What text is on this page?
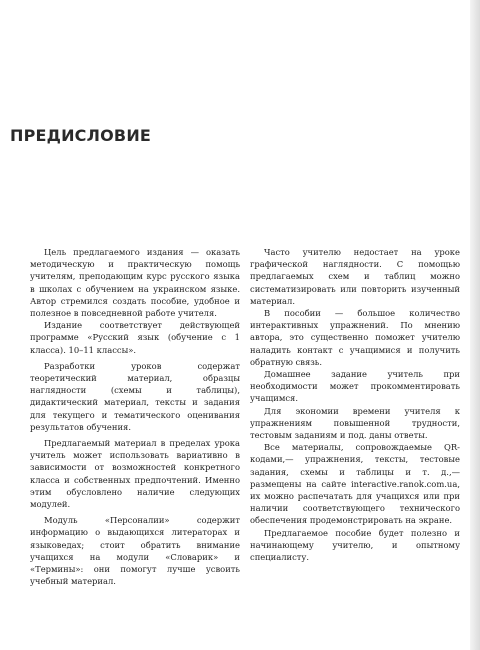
ПРЕДИСЛОВИЕ

Цель предлагаемого издания — оказать методическую и практическую помощь учителям, преподающим курс русского языка в школах с обучением на украинском языке. Автор стремился создать пособие, удобное и полезное в повседневной работе учителя.

Издание соответствует действующей программе «Русский язык (обучение с 1 класса). 10–11 классы».

Разработки уроков содержат теоретический материал, образцы наглядности (схемы и таблицы), дидактический материал, тексты и задания для текущего и тематического оценивания результатов обучения.

Предлагаемый материал в пределах урока учитель может использовать вариативно в зависимости от возможностей конкретного класса и собственных предпочтений. Именно этим обусловлено наличие следующих модулей.

Модуль «Персоналии» содержит информацию о выдающихся литераторах и языковедах; стоит обратить внимание учащихся на модули «Словарик» и «Термины»: они помогут лучше усвоить учебный материал.

Часто учителю недостает на уроке графической наглядности. С помощью предлагаемых схем и таблиц можно систематизировать или повторить изученный материал.

В пособии — большое количество интерактивных упражнений. По мнению автора, это существенно поможет учителю наладить контакт с учащимися и получить обратную связь.

Домашнее задание учитель при необходимости может прокомментировать учащимся.

Для экономии времени учителя к упражнениям повышенной трудности, тестовым заданиям и под. даны ответы.

Все материалы, сопровождаемые QR-кодами,— упражнения, тексты, тестовые задания, схемы и таблицы и т. д.,— размещены на сайте interactive.ranok.com.ua, их можно распечатать для учащихся или при наличии соответствующего технического обеспечения продемонстрировать на экране.

Предлагаемое пособие будет полезно и начинающему учителю, и опытному специалисту.
